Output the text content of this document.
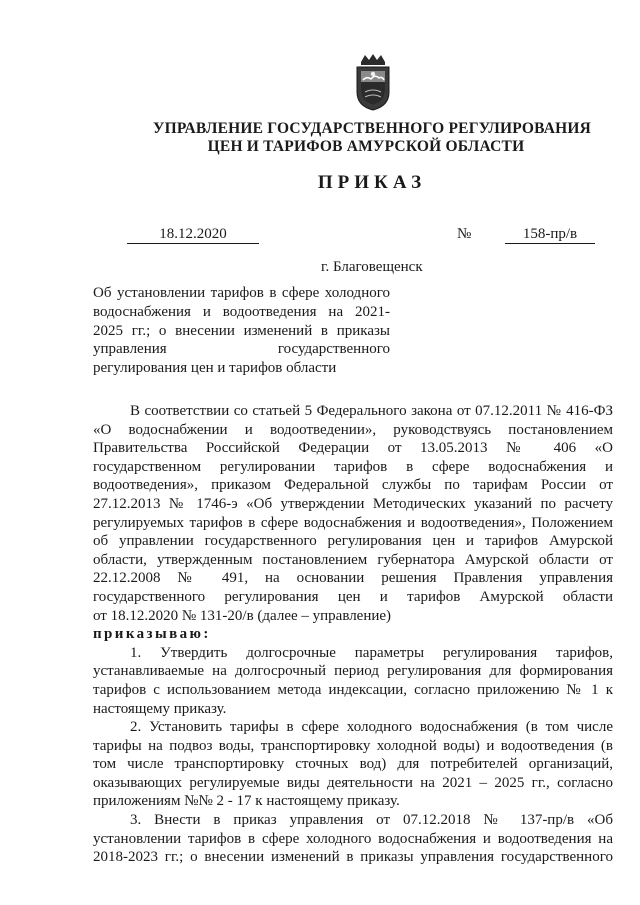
УПРАВЛЕНИЕ ГОСУДАРСТВЕННОГО РЕГУЛИРОВАНИЯ
ЦЕН И ТАРИФОВ АМУРСКОЙ ОБЛАСТИ
ПРИКАЗ
18.12.2020	№	158-пр/в
г. Благовещенск
Об установлении тарифов в сфере холодного
водоснабжения и водоотведения на 2021-
2025 гг.; о внесении изменений в приказы
управления государственного
регулирования цен и тарифов области
В соответствии со статьей 5 Федерального закона от 07.12.2011 № 416-ФЗ
«О водоснабжении и водоотведении», руководствуясь постановлением
Правительства Российской Федерации от 13.05.2013 № 406 «О
государственном регулировании тарифов в сфере водоснабжения и
водоотведения», приказом Федеральной службы по тарифам России от
27.12.2013 № 1746-э «Об утверждении Методических указаний по расчету
регулируемых тарифов в сфере водоснабжения и водоотведения», Положением
об управлении государственного регулирования цен и тарифов Амурской
области, утвержденным постановлением губернатора Амурской области от
22.12.2008 № 491, на основании решения Правления управления
государственного регулирования цен и тарифов Амурской области
от 18.12.2020 № 131-20/в (далее – управление)
приказываю:
1. Утвердить долгосрочные параметры регулирования тарифов,
устанавливаемые на долгосрочный период регулирования для формирования
тарифов с использованием метода индексации, согласно приложению № 1 к
настоящему приказу.
2. Установить тарифы в сфере холодного водоснабжения (в том числе
тарифы на подвоз воды, транспортировку холодной воды) и водоотведения (в
том числе транспортировку сточных вод) для потребителей организаций,
оказывающих регулируемые виды деятельности на 2021 – 2025 гг., согласно
приложениям №№ 2 - 17 к настоящему приказу.
3. Внести в приказ управления от 07.12.2018 № 137-пр/в «Об
установлении тарифов в сфере холодного водоснабжения и водоотведения на
2018-2023 гг.; о внесении изменений в приказы управления государственного
